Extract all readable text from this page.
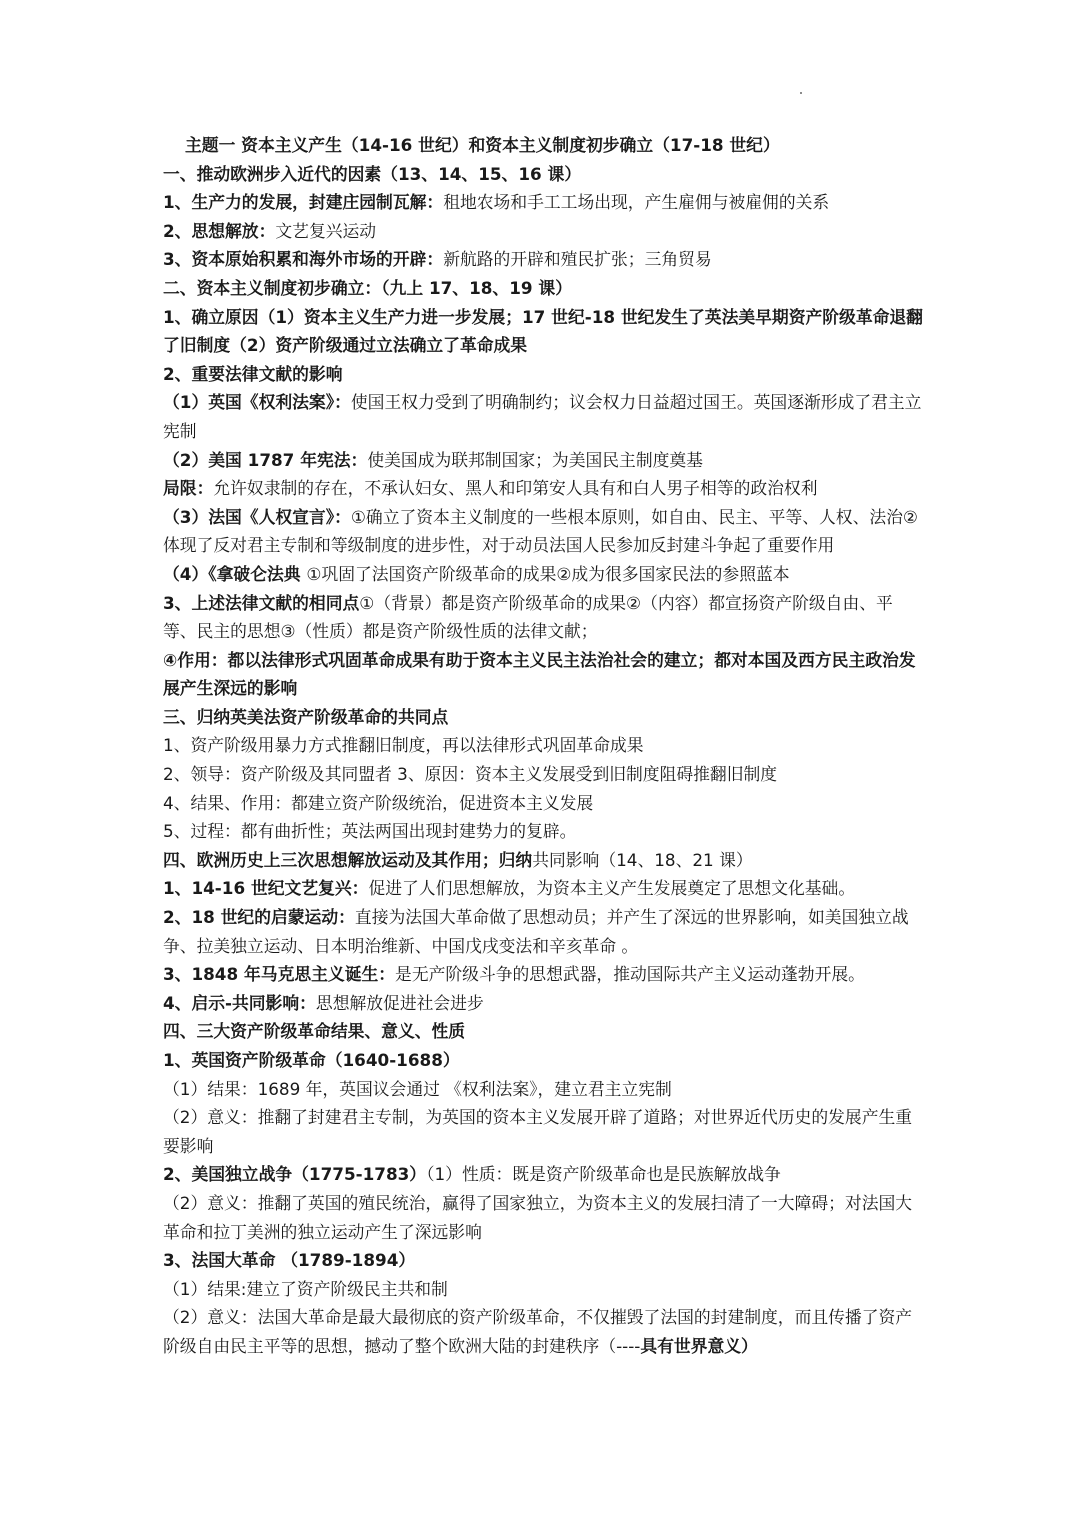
主题一 资本主义产生（14-16 世纪）和资本主义制度初步确立（17-18 世纪）

一、推动欧洲步入近代的因素（13、14、15、16 课）

1、生产力的发展，封建庄园制瓦解：租地农场和手工工场出现，产生雇佣与被雇佣的关系

2、思想解放：文艺复兴运动

3、资本原始积累和海外市场的开辟：新航路的开辟和殖民扩张；三角贸易

二、资本主义制度初步确立：（九上 17、18、19 课）

1、确立原因（1）资本主义生产力进一步发展；17 世纪-18 世纪发生了英法美早期资产阶级革命退翻了旧制度（2）资产阶级通过立法确立了革命成果

2、重要法律文献的影响

（1）英国《权利法案》：使国王权力受到了明确制约；议会权力日益超过国王。英国逐渐形成了君主立宪制

（2）美国 1787 年宪法：使美国成为联邦制国家；为美国民主制度奠基

局限：允许奴隶制的存在，不承认妇女、黑人和印第安人具有和白人男子相等的政治权利

（3）法国《人权宣言》：①确立了资本主义制度的一些根本原则，如自由、民主、平等、人权、法治②体现了反对君主专制和等级制度的进步性，对于动员法国人民参加反封建斗争起了重要作用

（4）《拿破仑法典 ①巩固了法国资产阶级革命的成果②成为很多国家民法的参照蓝本

3、上述法律文献的相同点①（背景）都是资产阶级革命的成果②（内容）都宣扬资产阶级自由、平等、民主的思想③（性质）都是资产阶级性质的法律文献；

④作用：都以法律形式巩固革命成果有助于资本主义民主法治社会的建立；都对本国及西方民主政治发展产生深远的影响

三、归纳英美法资产阶级革命的共同点

1、资产阶级用暴力方式推翻旧制度，再以法律形式巩固革命成果

2、领导：资产阶级及其同盟者 3、原因：资本主义发展受到旧制度阻碍推翻旧制度

4、结果、作用：都建立资产阶级统治，促进资本主义发展

5、过程：都有曲折性；英法两国出现封建势力的复辟。

四、欧洲历史上三次思想解放运动及其作用；归纳共同影响（14、18、21 课）

1、14-16 世纪文艺复兴：促进了人们思想解放，为资本主义产生发展奠定了思想文化基础。

2、18 世纪的启蒙运动：直接为法国大革命做了思想动员；并产生了深远的世界影响，如美国独立战争、拉美独立运动、日本明治维新、中国戊戌变法和辛亥革命 。

3、1848 年马克思主义诞生：是无产阶级斗争的思想武器，推动国际共产主义运动蓬勃开展。

4、启示-共同影响：思想解放促进社会进步

四、三大资产阶级革命结果、意义、性质

1、英国资产阶级革命（1640-1688）

（1）结果：1689 年，英国议会通过 《权利法案》，建立君主立宪制

（2）意义：推翻了封建君主专制，为英国的资本主义发展开辟了道路；对世界近代历史的发展产生重要影响

2、美国独立战争（1775-1783）（1）性质：既是资产阶级革命也是民族解放战争

（2）意义：推翻了英国的殖民统治，赢得了国家独立，为资本主义的发展扫清了一大障碍；对法国大革命和拉丁美洲的独立运动产生了深远影响

3、法国大革命 （1789-1894）

（1）结果:建立了资产阶级民主共和制

（2）意义：法国大革命是最大最彻底的资产阶级革命，不仅摧毁了法国的封建制度，而且传播了资产阶级自由民主平等的思想，撼动了整个欧洲大陆的封建秩序（----具有世界意义）
